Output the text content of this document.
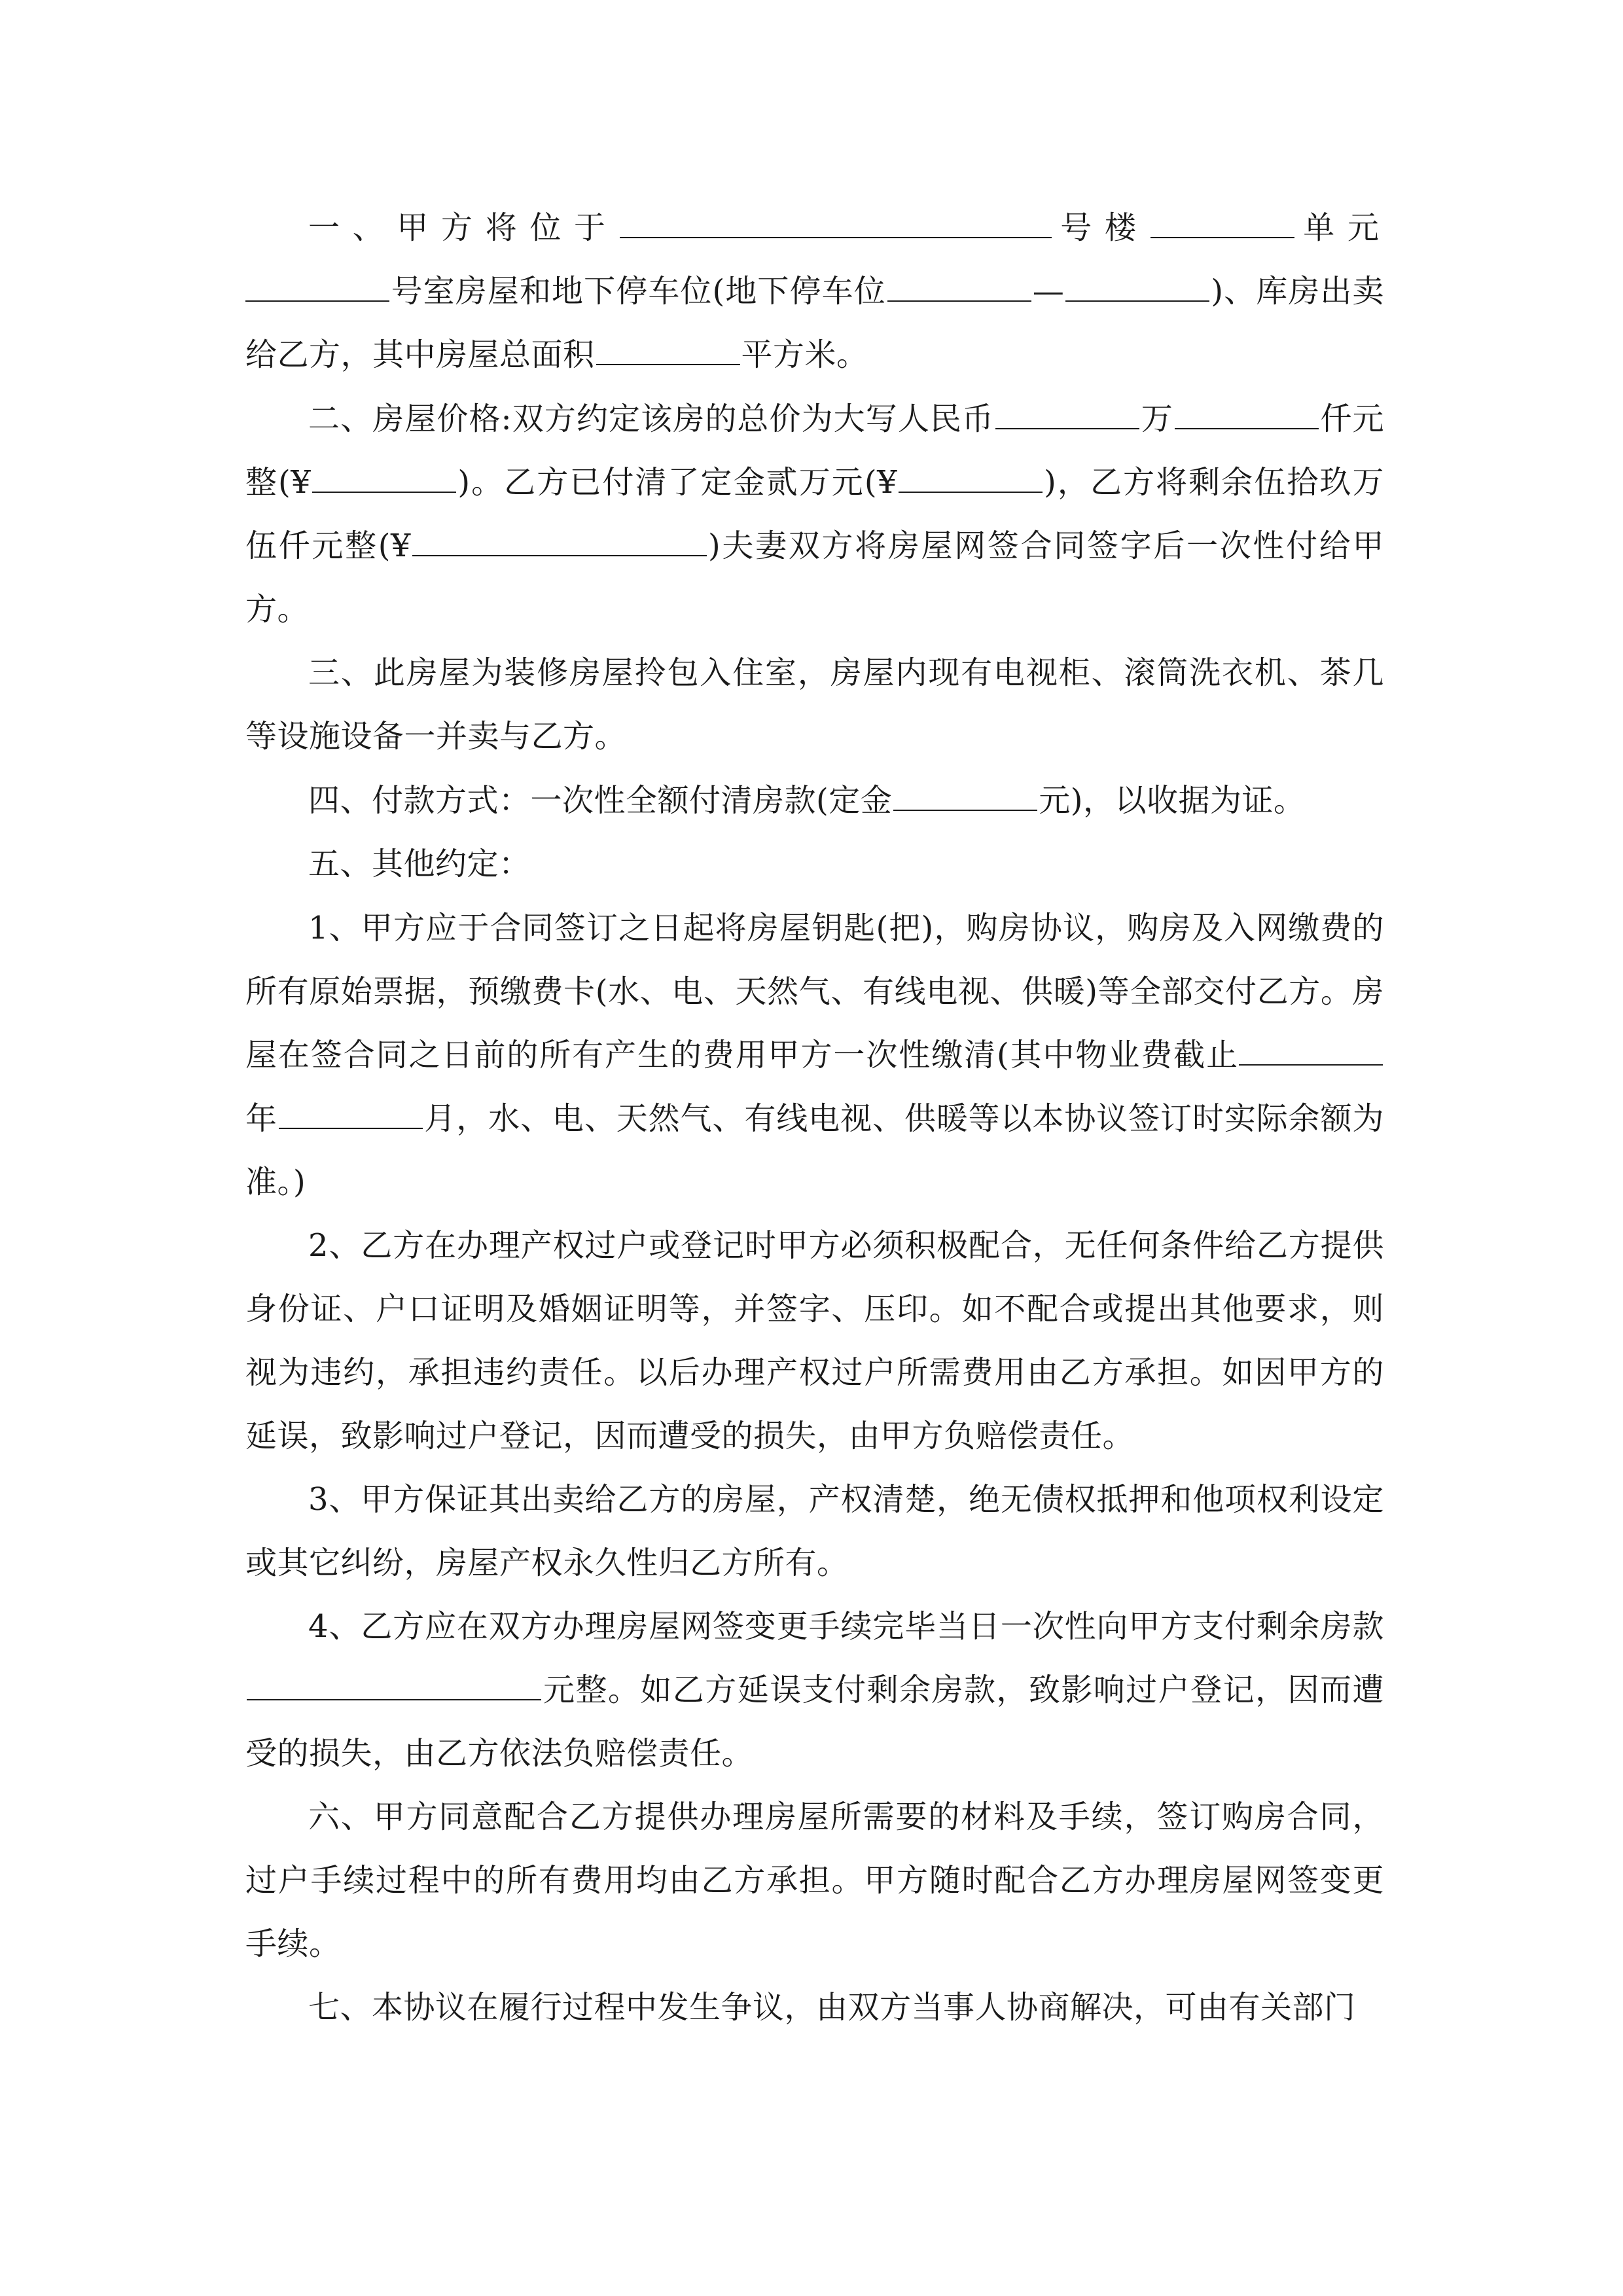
一、甲方将位于	号楼	单元号室房屋和地下停车位(地下停车位	—	)、库房出卖给乙方，其中房屋总面积	平方米。

二、房屋价格:双方约定该房的总价为大写人民币	万	仟元整(¥	)。乙方已付清了定金贰万元(¥	)，乙方将剩余伍拾玖万伍仟元整(¥	)夫妻双方将房屋网签合同签字后一次性付给甲方。

三、此房屋为装修房屋拎包入住室，房屋内现有电视柜、滚筒洗衣机、茶几等设施设备一并卖与乙方。

四、付款方式：一次性全额付清房款(定金	元)，以收据为证。

五、其他约定：

1、甲方应于合同签订之日起将房屋钥匙(把)，购房协议，购房及入网缴费的所有原始票据，预缴费卡(水、电、天然气、有线电视、供暖)等全部交付乙方。房屋在签合同之日前的所有产生的费用甲方一次性缴清(其中物业费截止年	月，水、电、天然气、有线电视、供暖等以本协议签订时实际余额为准。)

2、乙方在办理产权过户或登记时甲方必须积极配合，无任何条件给乙方提供身份证、户口证明及婚姻证明等，并签字、压印。如不配合或提出其他要求，则视为违约，承担违约责任。以后办理产权过户所需费用由乙方承担。如因甲方的延误，致影响过户登记，因而遭受的损失，由甲方负赔偿责任。

3、甲方保证其出卖给乙方的房屋，产权清楚，绝无债权抵押和他项权利设定或其它纠纷，房屋产权永久性归乙方所有。

4、乙方应在双方办理房屋网签变更手续完毕当日一次性向甲方支付剩余房款元整。如乙方延误支付剩余房款，致影响过户登记，因而遭受的损失，由乙方依法负赔偿责任。

六、甲方同意配合乙方提供办理房屋所需要的材料及手续，签订购房合同，过户手续过程中的所有费用均由乙方承担。甲方随时配合乙方办理房屋网签变更手续。

七、本协议在履行过程中发生争议，由双方当事人协商解决，可由有关部门
